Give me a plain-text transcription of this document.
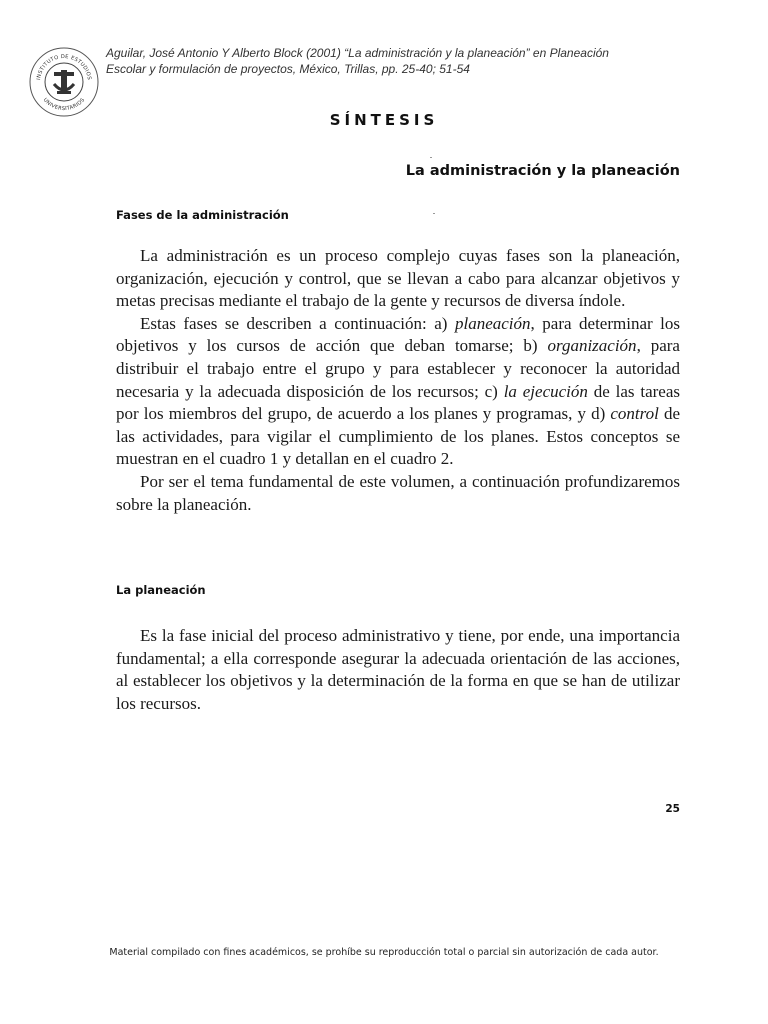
INSTITUTO DE ESTUDIOS
UNIVERSITARIOS
Aguilar, José Antonio Y Alberto Block (2001) “La administración y la planeación” en Planeación
Escolar y formulación de proyectos, México, Trillas, pp. 25-40; 51-54
SÍNTESIS
La administración y la planeación
Fases de la administración

La administración es un proceso complejo cuyas fases son la planeación, organización, ejecución y control, que se llevan a cabo para alcanzar objetivos y metas precisas mediante el trabajo de la gente y recursos de diversa índole.

Estas fases se describen a continuación: a) planeación, para determinar los objetivos y los cursos de acción que deban tomarse; b) organización, para distribuir el trabajo entre el grupo y para establecer y reconocer la autoridad necesaria y la adecuada disposición de los recursos; c) la ejecución de las tareas por los miembros del grupo, de acuerdo a los planes y programas, y d) control de las actividades, para vigilar el cumplimiento de los planes. Estos conceptos se muestran en el cuadro 1 y detallan en el cuadro 2.

Por ser el tema fundamental de este volumen, a continuación profundizaremos sobre la planeación.

La planeación

Es la fase inicial del proceso administrativo y tiene, por ende, una importancia fundamental; a ella corresponde asegurar la adecuada orientación de las acciones, al establecer los objetivos y la determinación de la forma en que se han de utilizar los recursos.

25
Material compilado con fines académicos, se prohíbe su reproducción total o parcial sin autorización de cada autor.
